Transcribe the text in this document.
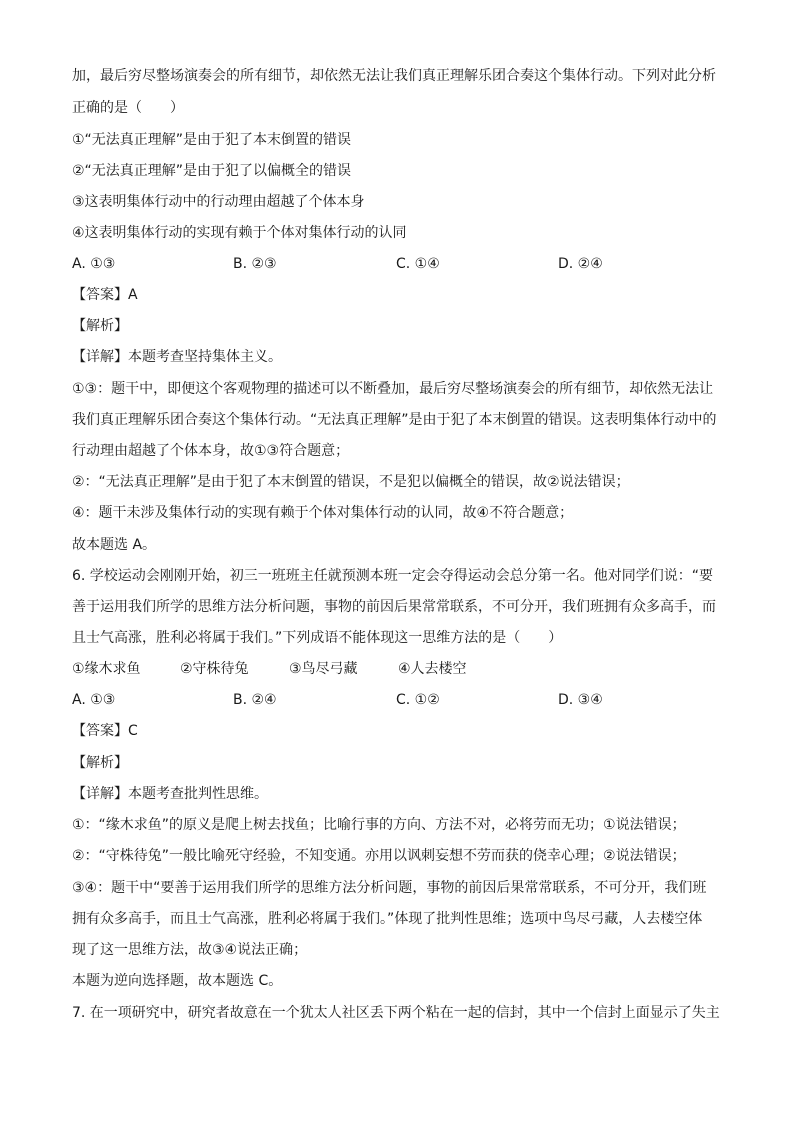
加，最后穷尽整场演奏会的所有细节，却依然无法让我们真正理解乐团合奏这个集体行动。下列对此分析
正确的是（　　）
①“无法真正理解”是由于犯了本末倒置的错误
②“无法真正理解”是由于犯了以偏概全的错误
③这表明集体行动中的行动理由超越了个体本身
④这表明集体行动的实现有赖于个体对集体行动的认同
A. ①③	B. ②③	C. ①④	D. ②④
【答案】A
【解析】
【详解】本题考查坚持集体主义。
①③：题干中，即便这个客观物理的描述可以不断叠加，最后穷尽整场演奏会的所有细节，却依然无法让
我们真正理解乐团合奏这个集体行动。“无法真正理解”是由于犯了本末倒置的错误。这表明集体行动中的
行动理由超越了个体本身，故①③符合题意；
②：“无法真正理解”是由于犯了本末倒置的错误，不是犯以偏概全的错误，故②说法错误；
④：题干未涉及集体行动的实现有赖于个体对集体行动的认同，故④不符合题意；
故本题选 A。
6. 学校运动会刚刚开始，初三一班班主任就预测本班一定会夺得运动会总分第一名。他对同学们说：“要
善于运用我们所学的思维方法分析问题，事物的前因后果常常联系，不可分开，我们班拥有众多高手，而
且士气高涨，胜利必将属于我们。”下列成语不能体现这一思维方法的是（　　）
①缘木求鱼	②守株待兔	③鸟尽弓藏	④人去楼空
A. ①③	B. ②④	C. ①②	D. ③④
【答案】C
【解析】
【详解】本题考查批判性思维。
①：“缘木求鱼”的原义是爬上树去找鱼；比喻行事的方向、方法不对，必将劳而无功；①说法错误；
②：“守株待兔”一般比喻死守经验，不知变通。亦用以讽刺妄想不劳而获的侥幸心理；②说法错误；
③④：题干中“要善于运用我们所学的思维方法分析问题，事物的前因后果常常联系，不可分开，我们班
拥有众多高手，而且士气高涨，胜利必将属于我们。”体现了批判性思维；选项中鸟尽弓藏，人去楼空体
现了这一思维方法，故③④说法正确；
本题为逆向选择题，故本题选 C。
7. 在一项研究中，研究者故意在一个犹太人社区丢下两个粘在一起的信封，其中一个信封上面显示了失主
